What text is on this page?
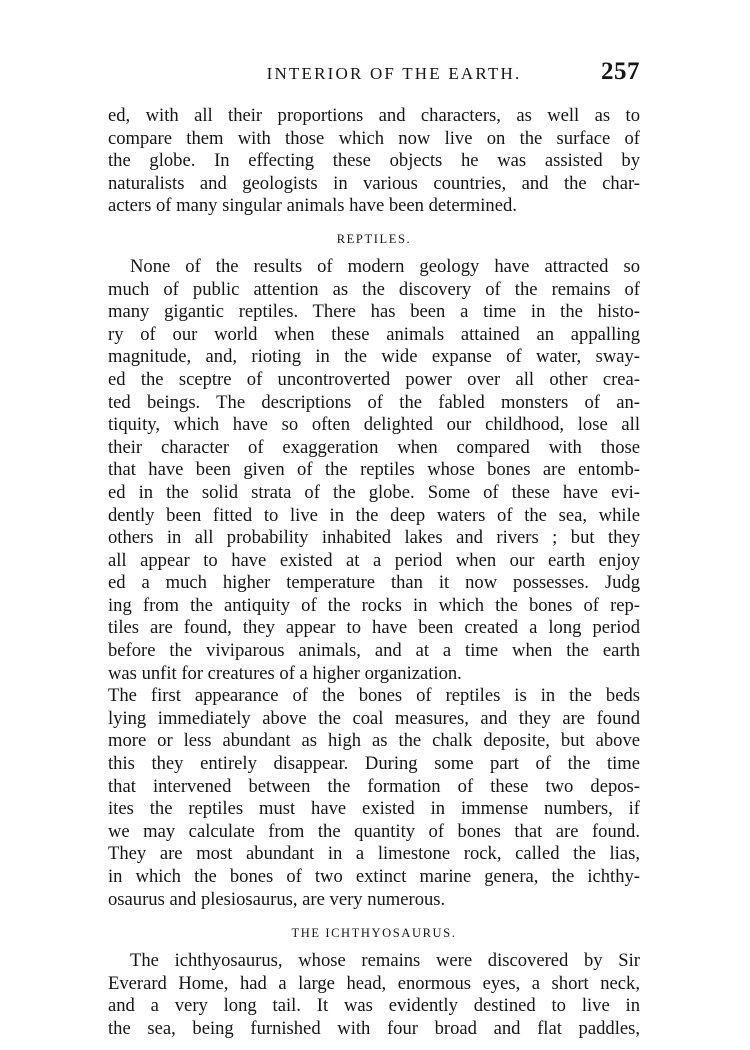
INTERIOR OF THE EARTH.	257
ed, with all their proportions and characters, as well as to
compare them with those which now live on the surface of
the globe. In effecting these objects he was assisted by
naturalists and geologists in various countries, and the char-
acters of many singular animals have been determined.
REPTILES.
None of the results of modern geology have attracted so
much of public attention as the discovery of the remains of
many gigantic reptiles. There has been a time in the histo-
ry of our world when these animals attained an appalling
magnitude, and, rioting in the wide expanse of water, sway-
ed the sceptre of uncontroverted power over all other crea-
ted beings. The descriptions of the fabled monsters of an-
tiquity, which have so often delighted our childhood, lose all
their character of exaggeration when compared with those
that have been given of the reptiles whose bones are entomb-
ed in the solid strata of the globe. Some of these have evi-
dently been fitted to live in the deep waters of the sea, while
others in all probability inhabited lakes and rivers ; but they
all appear to have existed at a period when our earth enjoy
ed a much higher temperature than it now possesses. Judg
ing from the antiquity of the rocks in which the bones of rep-
tiles are found, they appear to have been created a long period
before the viviparous animals, and at a time when the earth
was unfit for creatures of a higher organization.
The first appearance of the bones of reptiles is in the beds
lying immediately above the coal measures, and they are found
more or less abundant as high as the chalk deposite, but above
this they entirely disappear. During some part of the time
that intervened between the formation of these two depos-
ites the reptiles must have existed in immense numbers, if
we may calculate from the quantity of bones that are found.
They are most abundant in a limestone rock, called the lias,
in which the bones of two extinct marine genera, the ichthy-
osaurus and plesiosaurus, are very numerous.
THE ICHTHYOSAURUS.
The ichthyosaurus, whose remains were discovered by Sir
Everard Home, had a large head, enormous eyes, a short neck,
and a very long tail. It was evidently destined to live in
the sea, being furnished with four broad and flat paddles,
